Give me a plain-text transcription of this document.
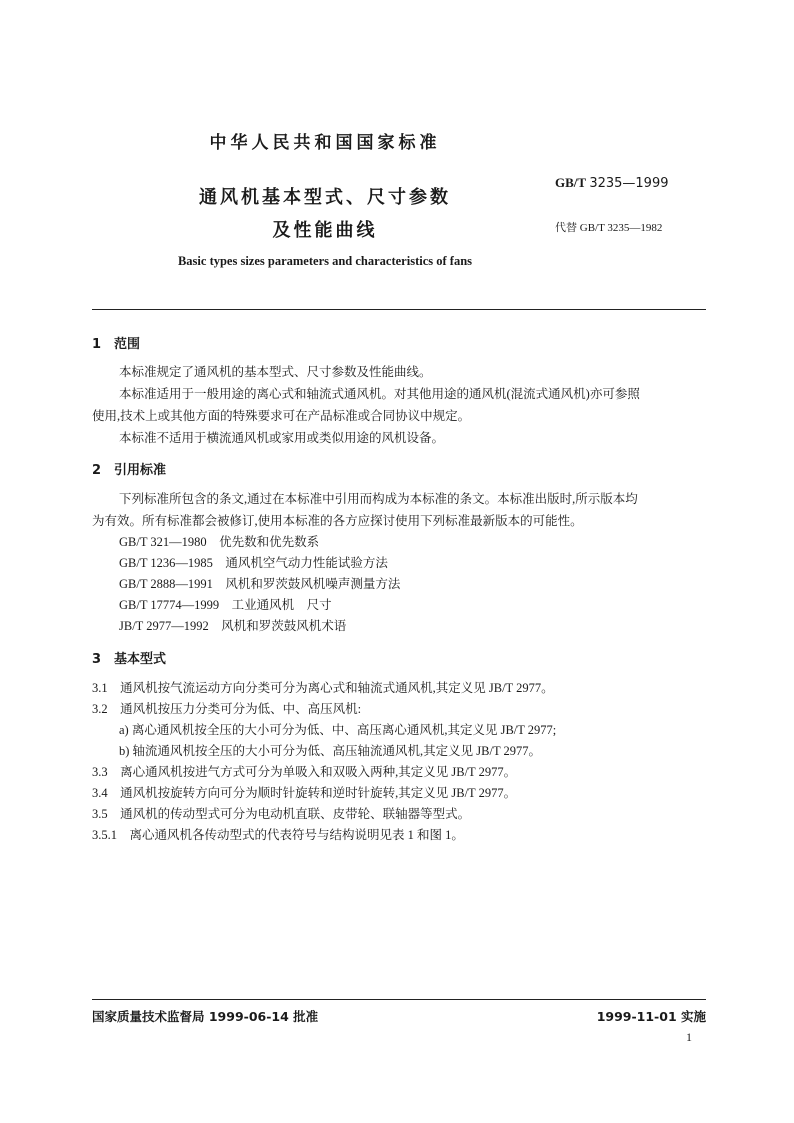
中华人民共和国国家标准
通风机基本型式、尺寸参数
及性能曲线
GB/T 3235—1999
代替 GB/T 3235—1982
Basic types sizes parameters and characteristics of fans
1　范围
本标准规定了通风机的基本型式、尺寸参数及性能曲线。
本标准适用于一般用途的离心式和轴流式通风机。对其他用途的通风机(混流式通风机)亦可参照
使用,技术上或其他方面的特殊要求可在产品标准或合同协议中规定。
本标准不适用于横流通风机或家用或类似用途的风机设备。
2　引用标准
下列标准所包含的条文,通过在本标准中引用而构成为本标准的条文。本标准出版时,所示版本均
为有效。所有标准都会被修订,使用本标准的各方应探讨使用下列标准最新版本的可能性。
GB/T 321—1980　优先数和优先数系
GB/T 1236—1985　通风机空气动力性能试验方法
GB/T 2888—1991　风机和罗茨鼓风机噪声测量方法
GB/T 17774—1999　工业通风机　尺寸
JB/T 2977—1992　风机和罗茨鼓风机术语
3　基本型式
3.1　通风机按气流运动方向分类可分为离心式和轴流式通风机,其定义见 JB/T 2977。
3.2　通风机按压力分类可分为低、中、高压风机:
a) 离心通风机按全压的大小可分为低、中、高压离心通风机,其定义见 JB/T 2977;
b) 轴流通风机按全压的大小可分为低、高压轴流通风机,其定义见 JB/T 2977。
3.3　离心通风机按进气方式可分为单吸入和双吸入两种,其定义见 JB/T 2977。
3.4　通风机按旋转方向可分为顺时针旋转和逆时针旋转,其定义见 JB/T 2977。
3.5　通风机的传动型式可分为电动机直联、皮带轮、联轴器等型式。
3.5.1　离心通风机各传动型式的代表符号与结构说明见表 1 和图 1。
国家质量技术监督局 1999-06-14 批准	1999-11-01 实施
1
